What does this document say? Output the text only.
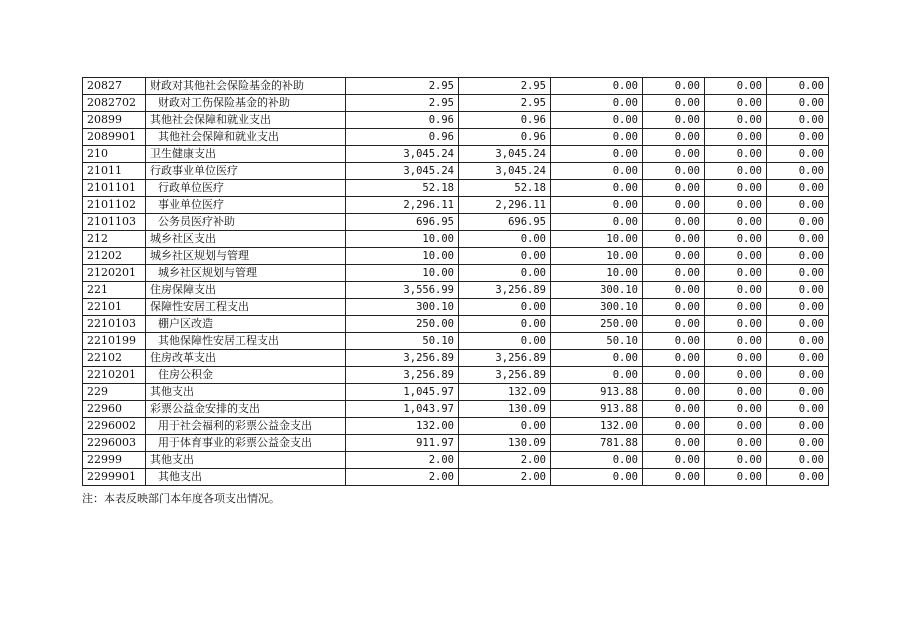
20827	财政对其他社会保险基金的补助	2.95	2.95	0.00	0.00	0.00	0.00
2082702	财政对工伤保险基金的补助	2.95	2.95	0.00	0.00	0.00	0.00
20899	其他社会保障和就业支出	0.96	0.96	0.00	0.00	0.00	0.00
2089901	其他社会保障和就业支出	0.96	0.96	0.00	0.00	0.00	0.00
210	卫生健康支出	3,045.24	3,045.24	0.00	0.00	0.00	0.00
21011	行政事业单位医疗	3,045.24	3,045.24	0.00	0.00	0.00	0.00
2101101	行政单位医疗	52.18	52.18	0.00	0.00	0.00	0.00
2101102	事业单位医疗	2,296.11	2,296.11	0.00	0.00	0.00	0.00
2101103	公务员医疗补助	696.95	696.95	0.00	0.00	0.00	0.00
212	城乡社区支出	10.00	0.00	10.00	0.00	0.00	0.00
21202	城乡社区规划与管理	10.00	0.00	10.00	0.00	0.00	0.00
2120201	城乡社区规划与管理	10.00	0.00	10.00	0.00	0.00	0.00
221	住房保障支出	3,556.99	3,256.89	300.10	0.00	0.00	0.00
22101	保障性安居工程支出	300.10	0.00	300.10	0.00	0.00	0.00
2210103	棚户区改造	250.00	0.00	250.00	0.00	0.00	0.00
2210199	其他保障性安居工程支出	50.10	0.00	50.10	0.00	0.00	0.00
22102	住房改革支出	3,256.89	3,256.89	0.00	0.00	0.00	0.00
2210201	住房公积金	3,256.89	3,256.89	0.00	0.00	0.00	0.00
229	其他支出	1,045.97	132.09	913.88	0.00	0.00	0.00
22960	彩票公益金安排的支出	1,043.97	130.09	913.88	0.00	0.00	0.00
2296002	用于社会福利的彩票公益金支出	132.00	0.00	132.00	0.00	0.00	0.00
2296003	用于体育事业的彩票公益金支出	911.97	130.09	781.88	0.00	0.00	0.00
22999	其他支出	2.00	2.00	0.00	0.00	0.00	0.00
2299901	其他支出	2.00	2.00	0.00	0.00	0.00	0.00
注：本表反映部门本年度各项支出情况。
